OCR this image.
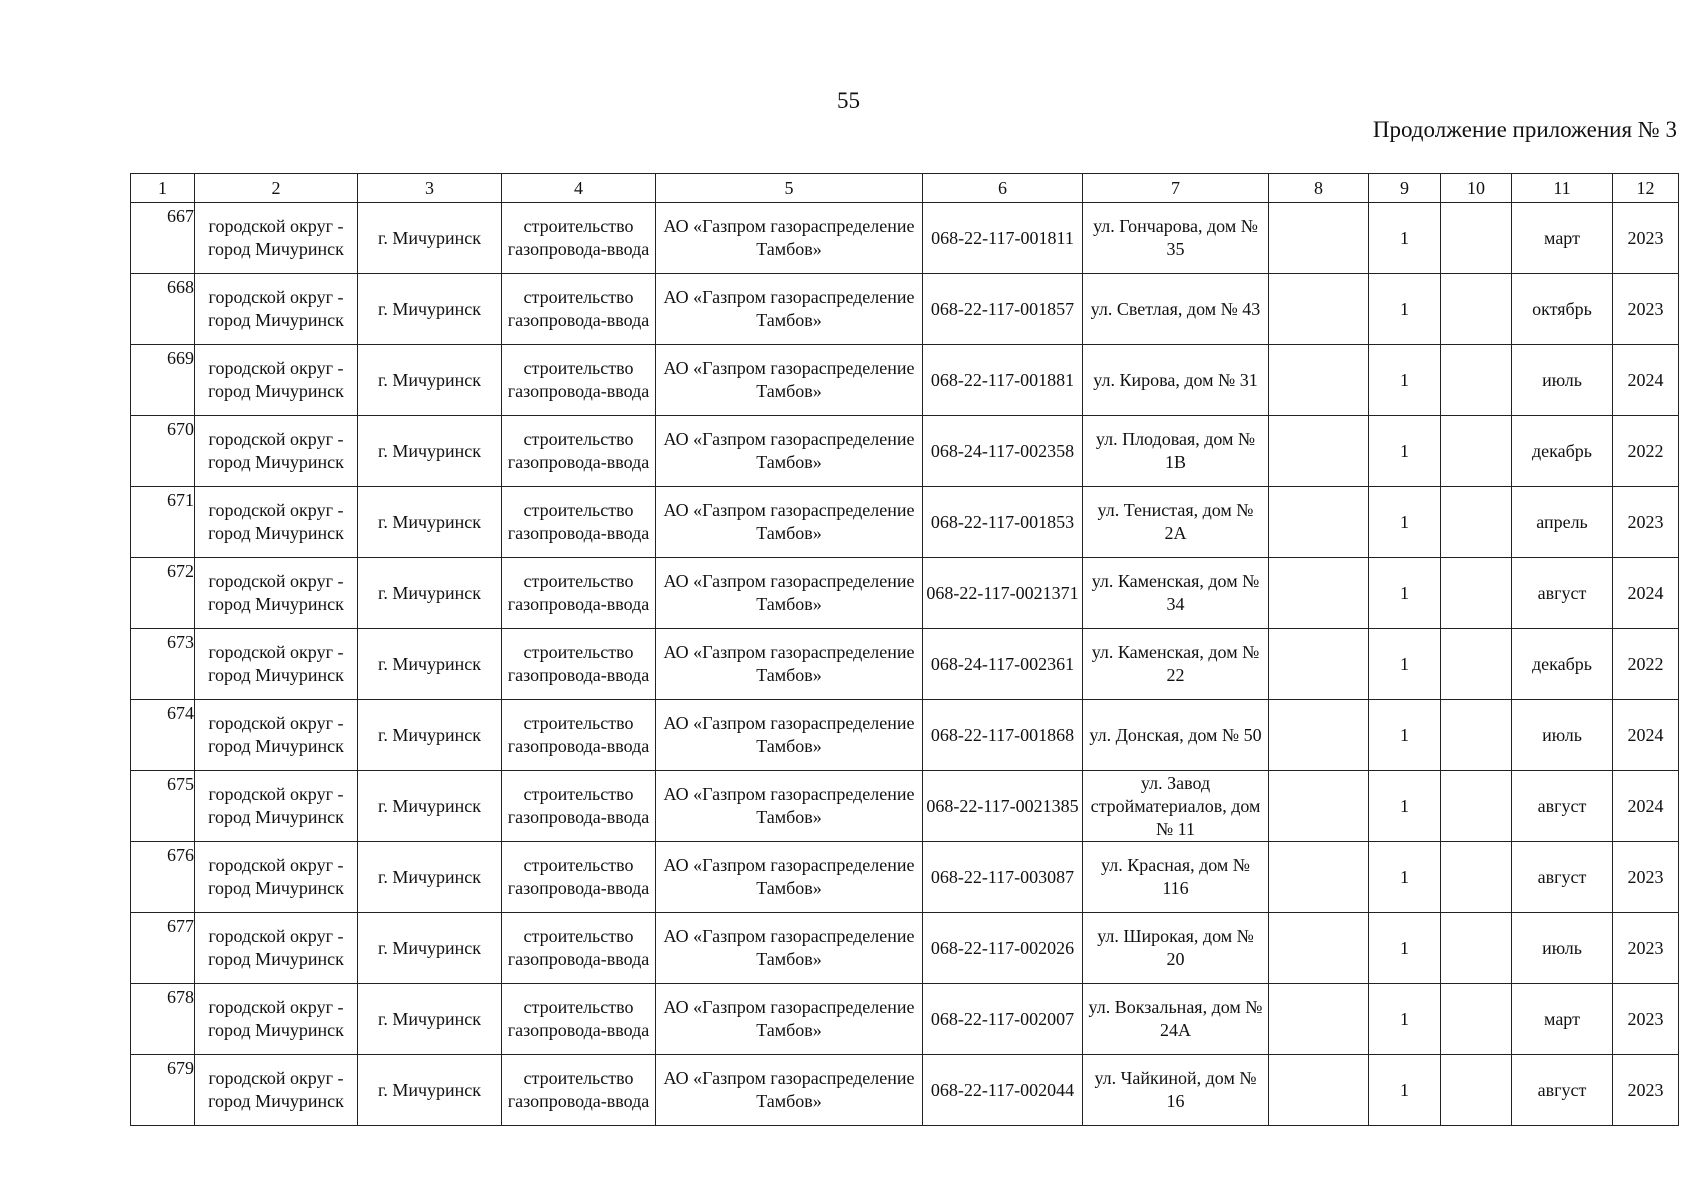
55
Продолжение приложения № 3
1	2	3	4	5	6	7	8	9	10	11	12
667	городской округ - город Мичуринск	г. Мичуринск	строительство газопровода-ввода	АО «Газпром газораспределение Тамбов»	068-22-117-001811	ул. Гончарова, дом № 35		1		март	2023
668	городской округ - город Мичуринск	г. Мичуринск	строительство газопровода-ввода	АО «Газпром газораспределение Тамбов»	068-22-117-001857	ул. Светлая, дом № 43		1		октябрь	2023
669	городской округ - город Мичуринск	г. Мичуринск	строительство газопровода-ввода	АО «Газпром газораспределение Тамбов»	068-22-117-001881	ул. Кирова, дом № 31		1		июль	2024
670	городской округ - город Мичуринск	г. Мичуринск	строительство газопровода-ввода	АО «Газпром газораспределение Тамбов»	068-24-117-002358	ул. Плодовая, дом № 1В		1		декабрь	2022
671	городской округ - город Мичуринск	г. Мичуринск	строительство газопровода-ввода	АО «Газпром газораспределение Тамбов»	068-22-117-001853	ул. Тенистая, дом № 2А		1		апрель	2023
672	городской округ - город Мичуринск	г. Мичуринск	строительство газопровода-ввода	АО «Газпром газораспределение Тамбов»	068-22-117-0021371	ул. Каменская, дом № 34		1		август	2024
673	городской округ - город Мичуринск	г. Мичуринск	строительство газопровода-ввода	АО «Газпром газораспределение Тамбов»	068-24-117-002361	ул. Каменская, дом № 22		1		декабрь	2022
674	городской округ - город Мичуринск	г. Мичуринск	строительство газопровода-ввода	АО «Газпром газораспределение Тамбов»	068-22-117-001868	ул. Донская, дом № 50		1		июль	2024
675	городской округ - город Мичуринск	г. Мичуринск	строительство газопровода-ввода	АО «Газпром газораспределение Тамбов»	068-22-117-0021385	ул. Завод стройматериалов, дом № 11		1		август	2024
676	городской округ - город Мичуринск	г. Мичуринск	строительство газопровода-ввода	АО «Газпром газораспределение Тамбов»	068-22-117-003087	ул. Красная, дом № 116		1		август	2023
677	городской округ - город Мичуринск	г. Мичуринск	строительство газопровода-ввода	АО «Газпром газораспределение Тамбов»	068-22-117-002026	ул. Широкая, дом № 20		1		июль	2023
678	городской округ - город Мичуринск	г. Мичуринск	строительство газопровода-ввода	АО «Газпром газораспределение Тамбов»	068-22-117-002007	ул. Вокзальная, дом № 24А		1		март	2023
679	городской округ - город Мичуринск	г. Мичуринск	строительство газопровода-ввода	АО «Газпром газораспределение Тамбов»	068-22-117-002044	ул. Чайкиной, дом № 16		1		август	2023
